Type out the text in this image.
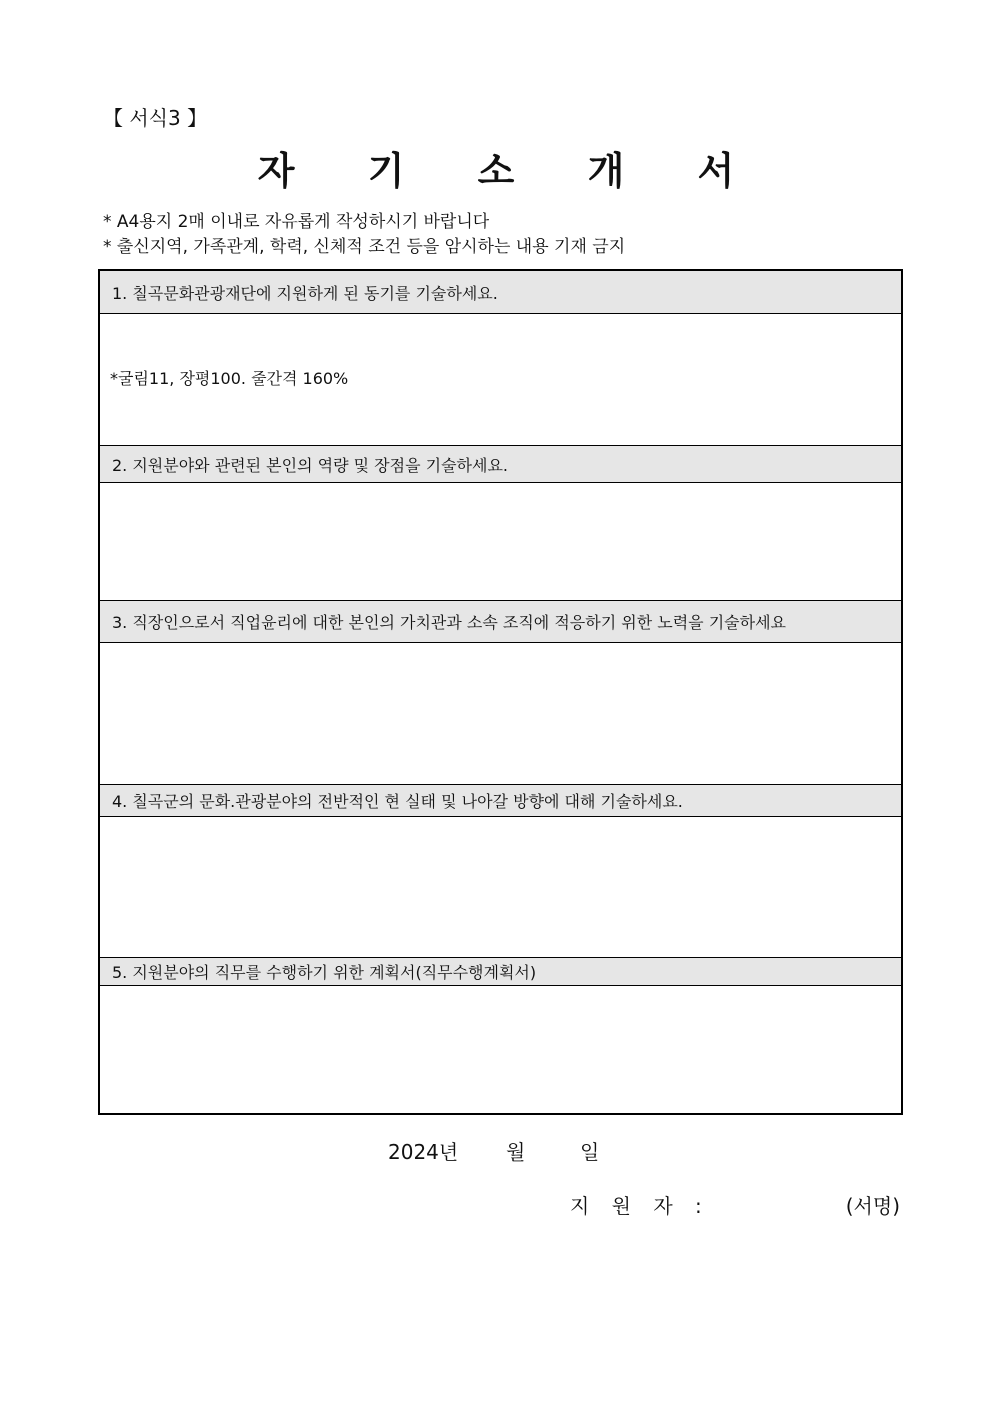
【 서식3 】
자 기 소 개 서
* A4용지 2매 이내로 자유롭게 작성하시기 바랍니다
* 출신지역, 가족관계, 학력, 신체적 조건 등을 암시하는 내용 기재 금지
1. 칠곡문화관광재단에 지원하게 된 동기를 기술하세요.
*굴림11, 장평100. 줄간격 160%
2. 지원분야와 관련된 본인의 역량 및 장점을 기술하세요.
3. 직장인으로서 직업윤리에 대한 본인의 가치관과 소속 조직에 적응하기 위한 노력을 기술하세요
4. 칠곡군의 문화.관광분야의 전반적인 현 실태 및 나아갈 방향에 대해 기술하세요.
5. 지원분야의 직무를 수행하기 위한 계획서(직무수행계획서)
2024년 월	일
지 원 자 :	(서명)
